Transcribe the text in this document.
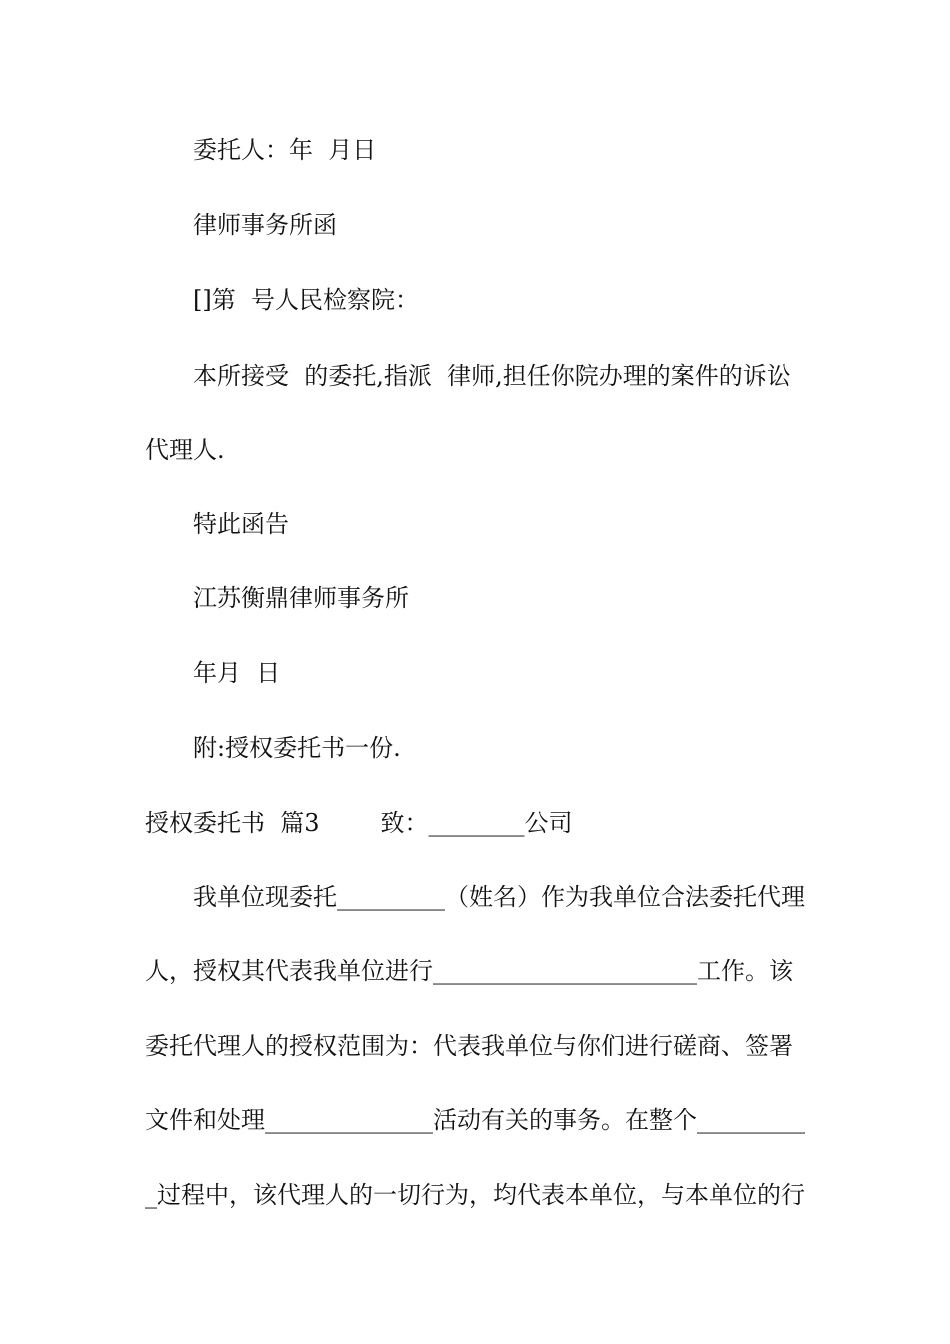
委托人：年  月日
律师事务所函
[]第  号人民检察院：
本所接受  的委托,指派  律师,担任你院办理的案件的诉讼
代理人.
特此函告
江苏衡鼎律师事务所
年月  日
附:授权委托书一份.
授权委托书  篇3        致：________公司
我单位现委托_________（姓名）作为我单位合法委托代理
人，授权其代表我单位进行______________________工作。该
委托代理人的授权范围为：代表我单位与你们进行磋商、签署
文件和处理______________活动有关的事务。在整个_________
_过程中，该代理人的一切行为，均代表本单位，与本单位的行
